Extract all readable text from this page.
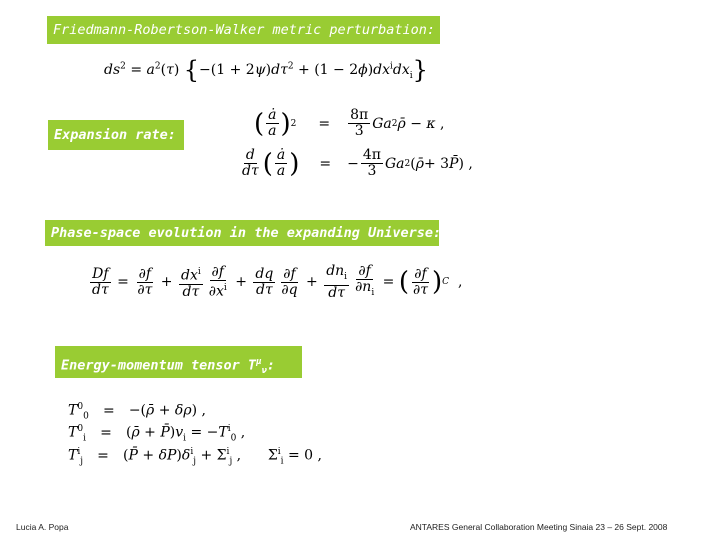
Friedmann-Robertson-Walker metric perturbation:
Expansion rate:
Phase-space evolution in the expanding Universe:
Energy-momentum tensor $T^\mu_\nu$:
$ds^2 = a^2(\tau) \{-(1 + 2\psi)d\tau^2 + (1 - 2\phi)dx^idx_i\}$
( $\frac{ȧ}{a}$ ) $2 = \frac{8\pi}{3}$ Ga 2 ρ̄ − κ ,
$\frac{d}{d\tau}$ ( $\frac{ȧ}{a}$ ) = − $\frac{4\pi}{3}$ Ga 2 ( ρ̄ + 3 P̄ ) ,
$\frac{Df}{d\tau} = \frac{\partial f}{\partial\tau} + \frac{dx^i}{d\tau} \frac{\partial f}{\partial x^i} + \frac{dq}{d\tau} \frac{\partial f}{\partial q} + \frac{dn_i}{d\tau} \frac{\partial f}{\partial n_i}$ = ( $\frac{\partial f}{\partial\tau}$ ) C ,
$T^0_0$ = −(ρ̄ + δρ) ,
$T^0_i$ = (ρ̄ + $P̄)v_i = -T^i_0$ ,
$T^i_j$ = (P̄ + $\delta P)\delta^i_j + \Sigma^i_j$ ,      $\Sigma^i_i = 0$ ,
Lucia A. Popa	ANTARES General Collaboration Meeting Sinaia 23 – 26 Sept. 2008
